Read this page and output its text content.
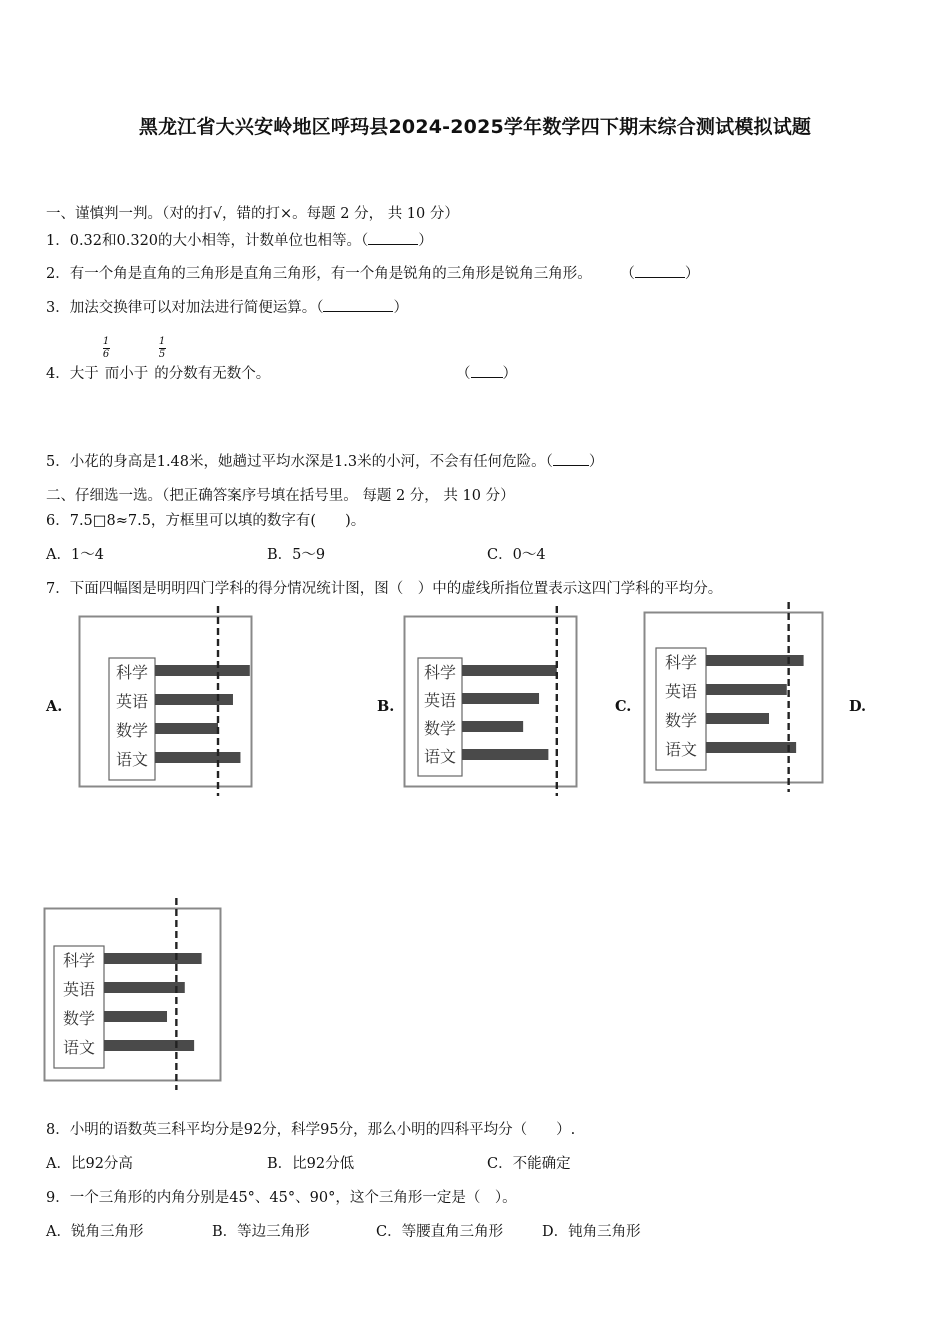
黑龙江省大兴安岭地区呼玛县2024-2025学年数学四下期末综合测试模拟试题
一、谨慎判一判。（对的打√，错的打×。每题 2 分， 共 10 分）
1．0.32和0.320的大小相等，计数单位也相等。（	）
2．有一个角是直角的三角形是直角三角形，有一个角是锐角的三角形是锐角三角形。 （	）
3．加法交换律可以对加法进行简便运算。（	）
1
6
1
5
4．大于 而小于 的分数有无数个。	（ ）
5．小花的身高是1.48米，她趟过平均水深是1.3米的小河，不会有任何危险。（ ）
二、仔细选一选。（把正确答案序号填在括号里。 每题 2 分， 共 10 分）
6．7.5□8≈7.5，方框里可以填的数字有(　　)。
A．1～4	B．5～9	C．0～4
7．下面四幅图是明明四门学科的得分情况统计图，图（　）中的虚线所指位置表示这四门学科的平均分。
A.	B.	C.	D.
科学
英语
数学
语文
科学
英语
数学
语文
科学
英语
数学
语文
科学
英语
数学
语文
8．小明的语数英三科平均分是92分，科学95分，那么小明的四科平均分（　　）.
A．比92分高	B．比92分低	C．不能确定
9．一个三角形的内角分别是45°、45°、90°，这个三角形一定是（　）。
A．锐角三角形	B．等边三角形	C．等腰直角三角形	D．钝角三角形
